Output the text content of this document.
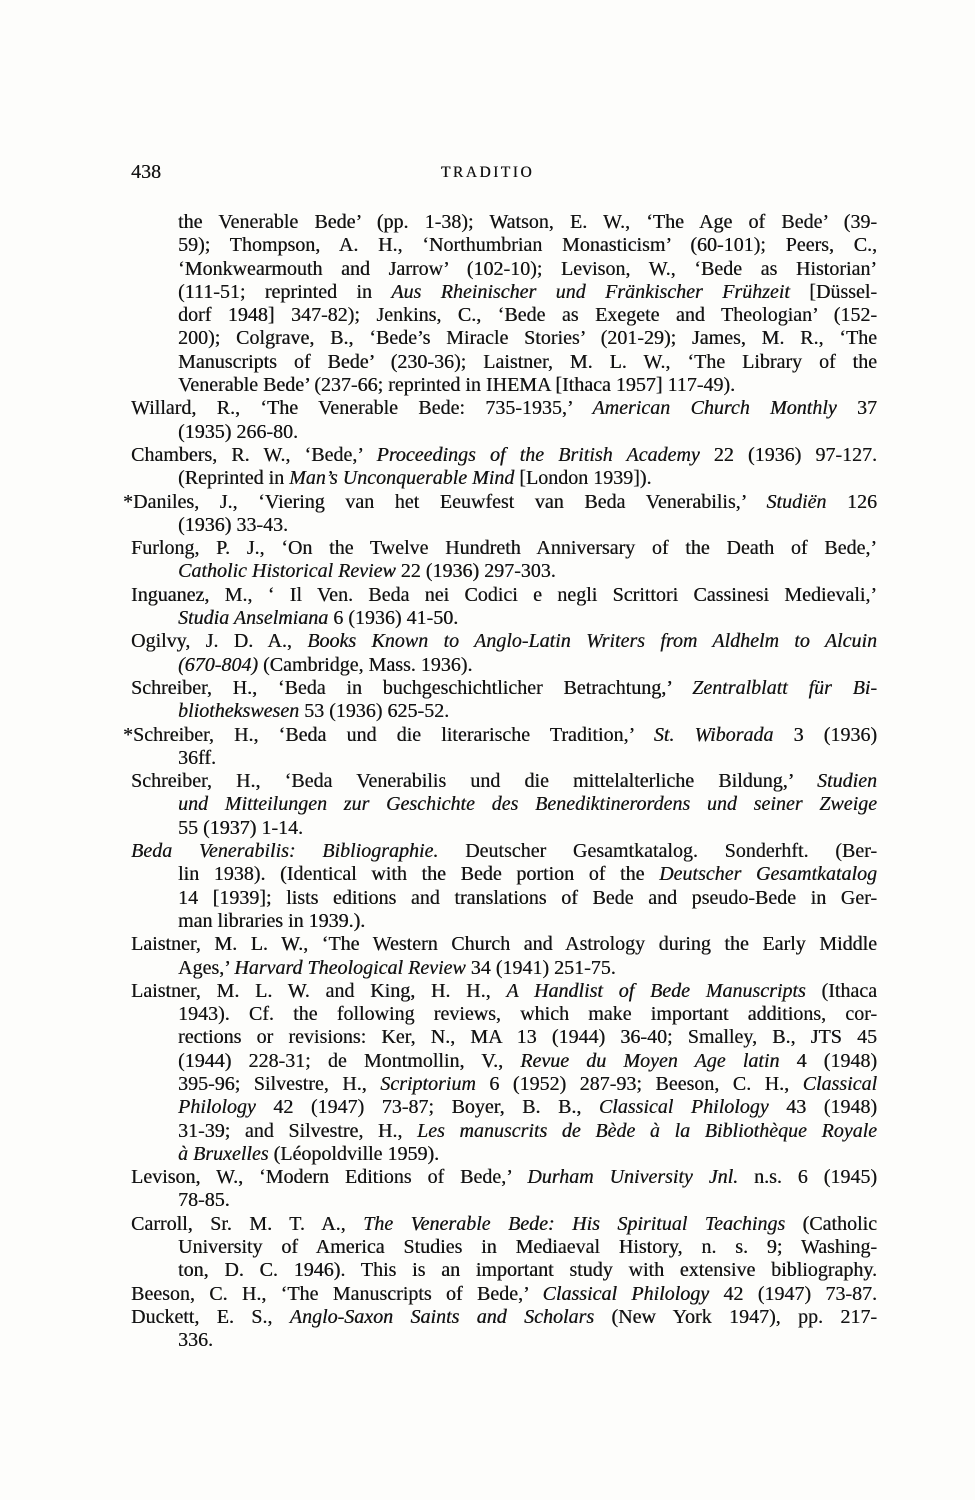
438	TRADITIO
the Venerable Bede’ (pp. 1-38); Watson, E. W., ‘The Age of Bede’ (39-
59); Thompson, A. H., ‘Northumbrian Monasticism’ (60-101); Peers, C.,
‘Monkwearmouth and Jarrow’ (102-10); Levison, W., ‘Bede as Historian’
(111-51; reprinted in Aus Rheinischer und Fränkischer Frühzeit [Düssel-
dorf 1948] 347-82); Jenkins, C., ‘Bede as Exegete and Theologian’ (152-
200); Colgrave, B., ‘Bede’s Miracle Stories’ (201-29); James, M. R., ‘The
Manuscripts of Bede’ (230-36); Laistner, M. L. W., ‘The Library of the
Venerable Bede’ (237-66; reprinted in IHEMA [Ithaca 1957] 117-49).
Willard, R., ‘The Venerable Bede: 735-1935,’ American Church Monthly 37
(1935) 266-80.
Chambers, R. W., ‘Bede,’ Proceedings of the British Academy 22 (1936) 97-127.
(Reprinted in Man’s Unconquerable Mind [London 1939]).
*Daniles, J., ‘Viering van het Eeuwfest van Beda Venerabilis,’ Studiën 126
(1936) 33-43.
Furlong, P. J., ‘On the Twelve Hundreth Anniversary of the Death of Bede,’
Catholic Historical Review 22 (1936) 297-303.
Inguanez, M., ‘ Il Ven. Beda nei Codici e negli Scrittori Cassinesi Medievali,’
Studia Anselmiana 6 (1936) 41-50.
Ogilvy, J. D. A., Books Known to Anglo-Latin Writers from Aldhelm to Alcuin
(670-804) (Cambridge, Mass. 1936).
Schreiber, H., ‘Beda in buchgeschichtlicher Betrachtung,’ Zentralblatt für Bi-
bliothekswesen 53 (1936) 625-52.
*Schreiber, H., ‘Beda und die literarische Tradition,’ St. Wiborada 3 (1936)
36ff.
Schreiber, H., ‘Beda Venerabilis und die mittelalterliche Bildung,’ Studien
und Mitteilungen zur Geschichte des Benediktinerordens und seiner Zweige
55 (1937) 1-14.
Beda Venerabilis: Bibliographie. Deutscher Gesamtkatalog. Sonderhft. (Ber-
lin 1938). (Identical with the Bede portion of the Deutscher Gesamtkatalog
14 [1939]; lists editions and translations of Bede and pseudo-Bede in Ger-
man libraries in 1939.).
Laistner, M. L. W., ‘The Western Church and Astrology during the Early Middle
Ages,’ Harvard Theological Review 34 (1941) 251-75.
Laistner, M. L. W. and King, H. H., A Handlist of Bede Manuscripts (Ithaca
1943). Cf. the following reviews, which make important additions, cor-
rections or revisions: Ker, N., MA 13 (1944) 36-40; Smalley, B., JTS 45
(1944) 228-31; de Montmollin, V., Revue du Moyen Age latin 4 (1948)
395-96; Silvestre, H., Scriptorium 6 (1952) 287-93; Beeson, C. H., Classical
Philology 42 (1947) 73-87; Boyer, B. B., Classical Philology 43 (1948)
31-39; and Silvestre, H., Les manuscrits de Bède à la Bibliothèque Royale
à Bruxelles (Léopoldville 1959).
Levison, W., ‘Modern Editions of Bede,’ Durham University Jnl. n.s. 6 (1945)
78-85.
Carroll, Sr. M. T. A., The Venerable Bede: His Spiritual Teachings (Catholic
University of America Studies in Mediaeval History, n. s. 9; Washing-
ton, D. C. 1946). This is an important study with extensive bibliography.
Beeson, C. H., ‘The Manuscripts of Bede,’ Classical Philology 42 (1947) 73-87.
Duckett, E. S., Anglo-Saxon Saints and Scholars (New York 1947), pp. 217-
336.
